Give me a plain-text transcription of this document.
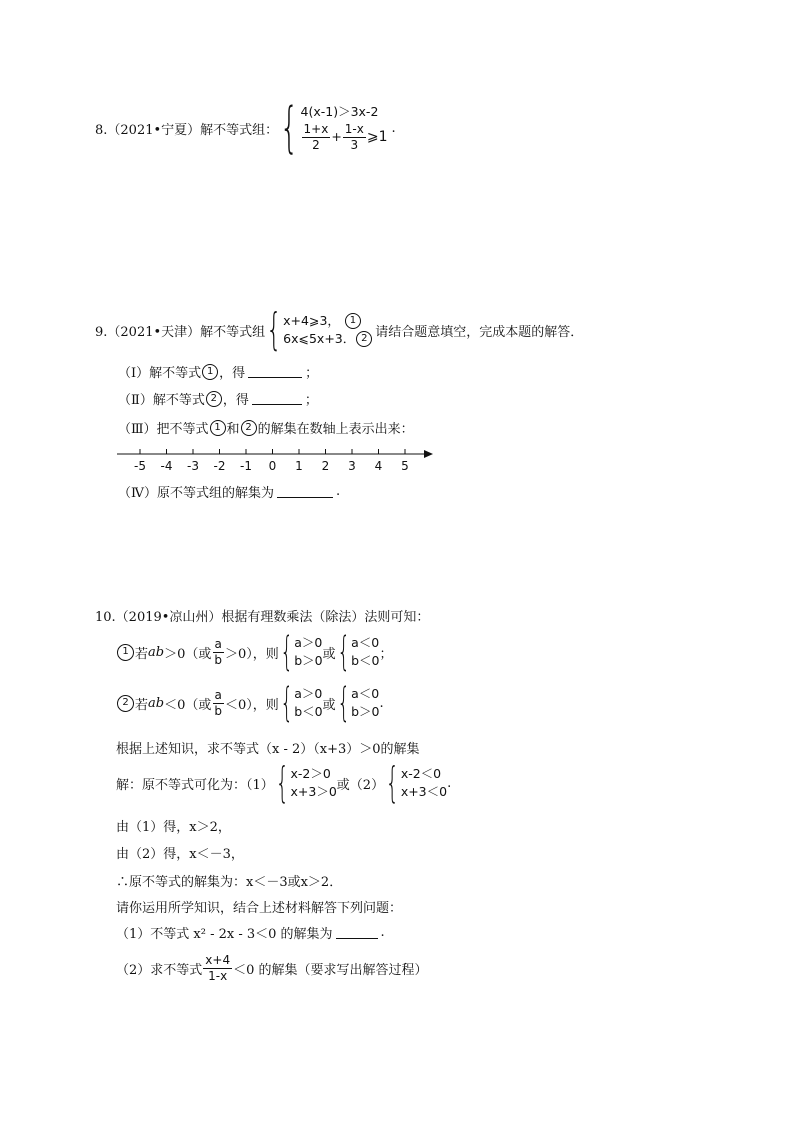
8.（2021•宁夏）解不等式组： { 4(x-1)＞3x-2
$\frac{1+x}{2} + \frac{1-x}{3}$ ⩾1
.
9.（2021•天津）解不等式组 { x+4⩾3，
1
6x⩽5x+3． 2 请结合题意填空，完成本题的解答．
（Ⅰ）解不等式 1 ，得	；
（Ⅱ）解不等式 2 ，得	；
（Ⅲ）把不等式 1 和 2 的解集在数轴上表示出来：
-5 -4 -3 -2 -1 0 1 2 3 4 5
（Ⅳ）原不等式组的解集为	.
10.（2019•凉山州）根据有理数乘法（除法）法则可知：
1 若 ab ＞0（或 $\frac{a}{b} >0$），则 { a＞0
b＞0 或 { a＜0
b＜0 ；
2 若 ab ＜0（或 $\frac{a}{b} <0$），则 { a＞0
b＜0 或 { a＜0
b＞0
.
根据上述知识，求不等式（x - 2）（x+3）＞0的解集
解：原不等式可化为：（1） { x-2＞0
x+3＞0 或（2） { x-2＜0
x+3＜0
.
由（1）得，x＞2，
由（2）得，x＜－3，
∴原不等式的解集为：x＜－3或x＞2．
请你运用所学知识，结合上述材料解答下列问题：
（1）不等式 x² - 2x - 3＜0 的解集为	.
（2）求不等式 $\frac{x+4}{1-x} <0$ 的解集（要求写出解答过程）
